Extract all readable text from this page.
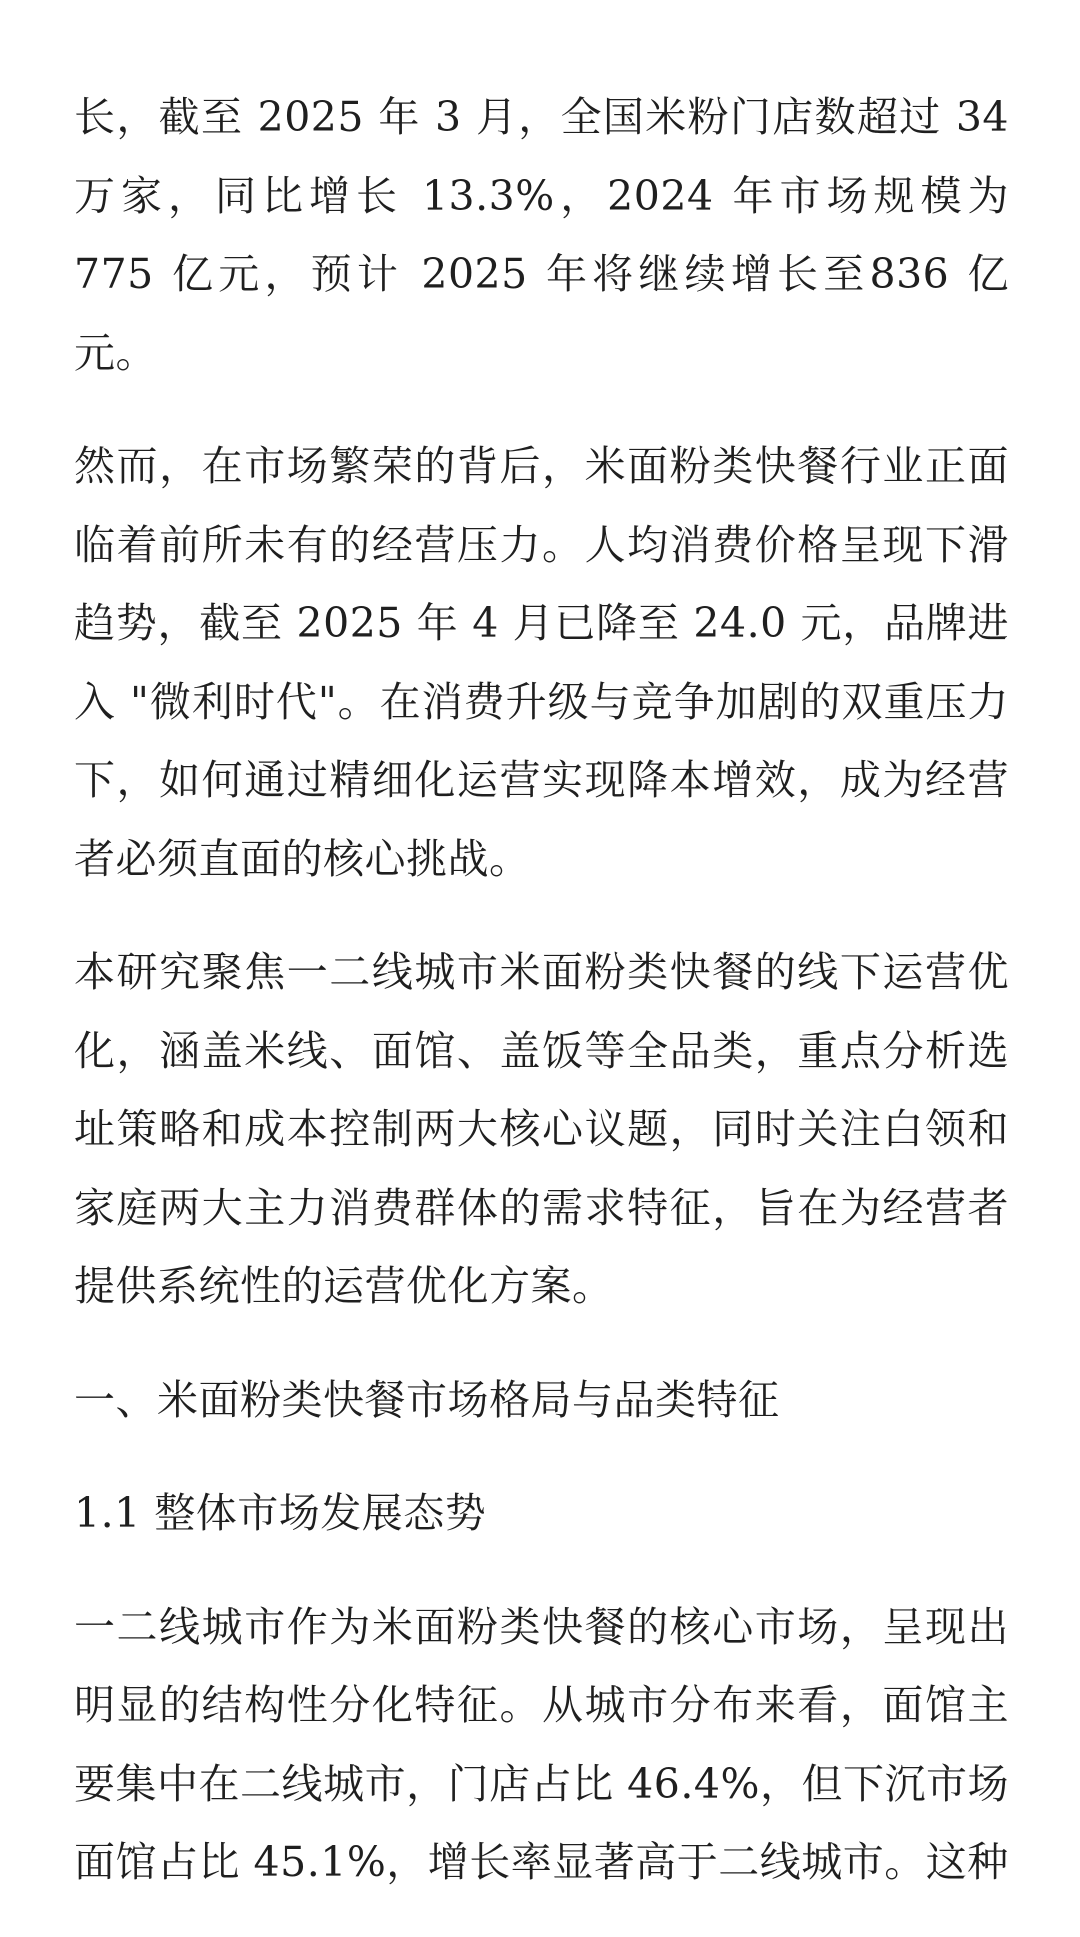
长，截至 2025 年 3 月，全国米粉门店数超过 34 万家，同比增长 13.3%，2024 年市场规模为 775 亿元，预计 2025 年将继续增长至836 亿元。

然而，在市场繁荣的背后，米面粉类快餐行业正面临着前所未有的经营压力。人均消费价格呈现下滑趋势，截至 2025 年 4 月已降至 24.0 元，品牌进入 "微利时代"。在消费升级与竞争加剧的双重压力下，如何通过精细化运营实现降本增效，成为经营者必须直面的核心挑战。

本研究聚焦一二线城市米面粉类快餐的线下运营优化，涵盖米线、面馆、盖饭等全品类，重点分析选址策略和成本控制两大核心议题，同时关注白领和家庭两大主力消费群体的需求特征，旨在为经营者提供系统性的运营优化方案。

一、米面粉类快餐市场格局与品类特征

1.1 整体市场发展态势

一二线城市作为米面粉类快餐的核心市场，呈现出明显的结构性分化特征。从城市分布来看，面馆主要集中在二线城市，门店占比 46.4%，但下沉市场面馆占比 45.1%，增长率显著高于二线城市。这种
